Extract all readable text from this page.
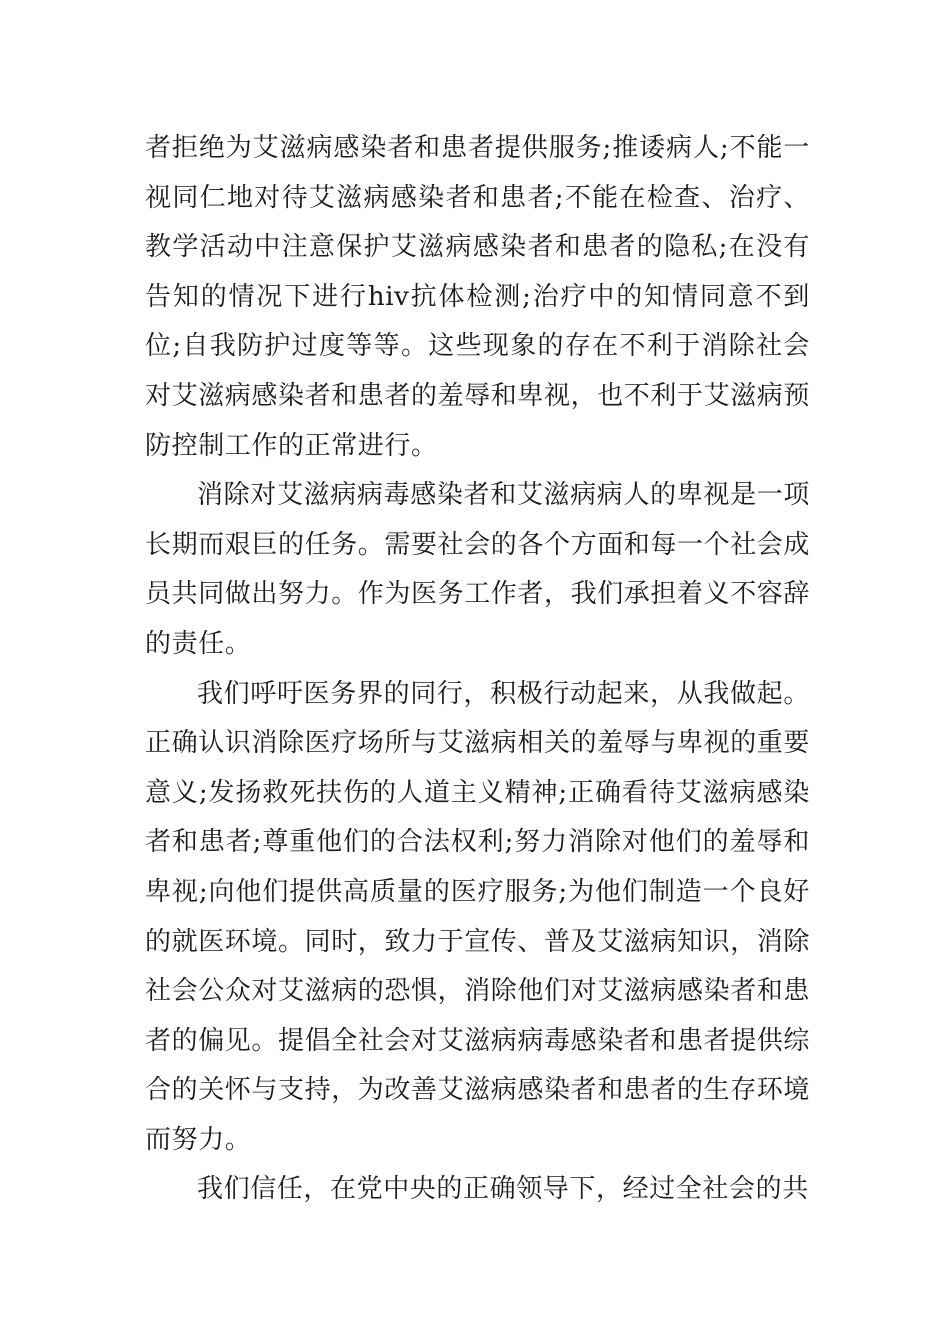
者拒绝为艾滋病感染者和患者提供服务;推诿病人;不能一视同仁地对待艾滋病感染者和患者;不能在检查、治疗、教学活动中注意保护艾滋病感染者和患者的隐私;在没有告知的情况下进行hiv抗体检测;治疗中的知情同意不到位;自我防护过度等等。这些现象的存在不利于消除社会对艾滋病感染者和患者的羞辱和卑视，也不利于艾滋病预防控制工作的正常进行。

消除对艾滋病病毒感染者和艾滋病病人的卑视是一项长期而艰巨的任务。需要社会的各个方面和每一个社会成员共同做出努力。作为医务工作者，我们承担着义不容辞的责任。

我们呼吁医务界的同行，积极行动起来，从我做起。正确认识消除医疗场所与艾滋病相关的羞辱与卑视的重要意义;发扬救死扶伤的人道主义精神;正确看待艾滋病感染者和患者;尊重他们的合法权利;努力消除对他们的羞辱和卑视;向他们提供高质量的医疗服务;为他们制造一个良好的就医环境。同时，致力于宣传、普及艾滋病知识，消除社会公众对艾滋病的恐惧，消除他们对艾滋病感染者和患者的偏见。提倡全社会对艾滋病病毒感染者和患者提供综合的关怀与支持，为改善艾滋病感染者和患者的生存环境而努力。

我们信任，在党中央的正确领导下，经过全社会的共
